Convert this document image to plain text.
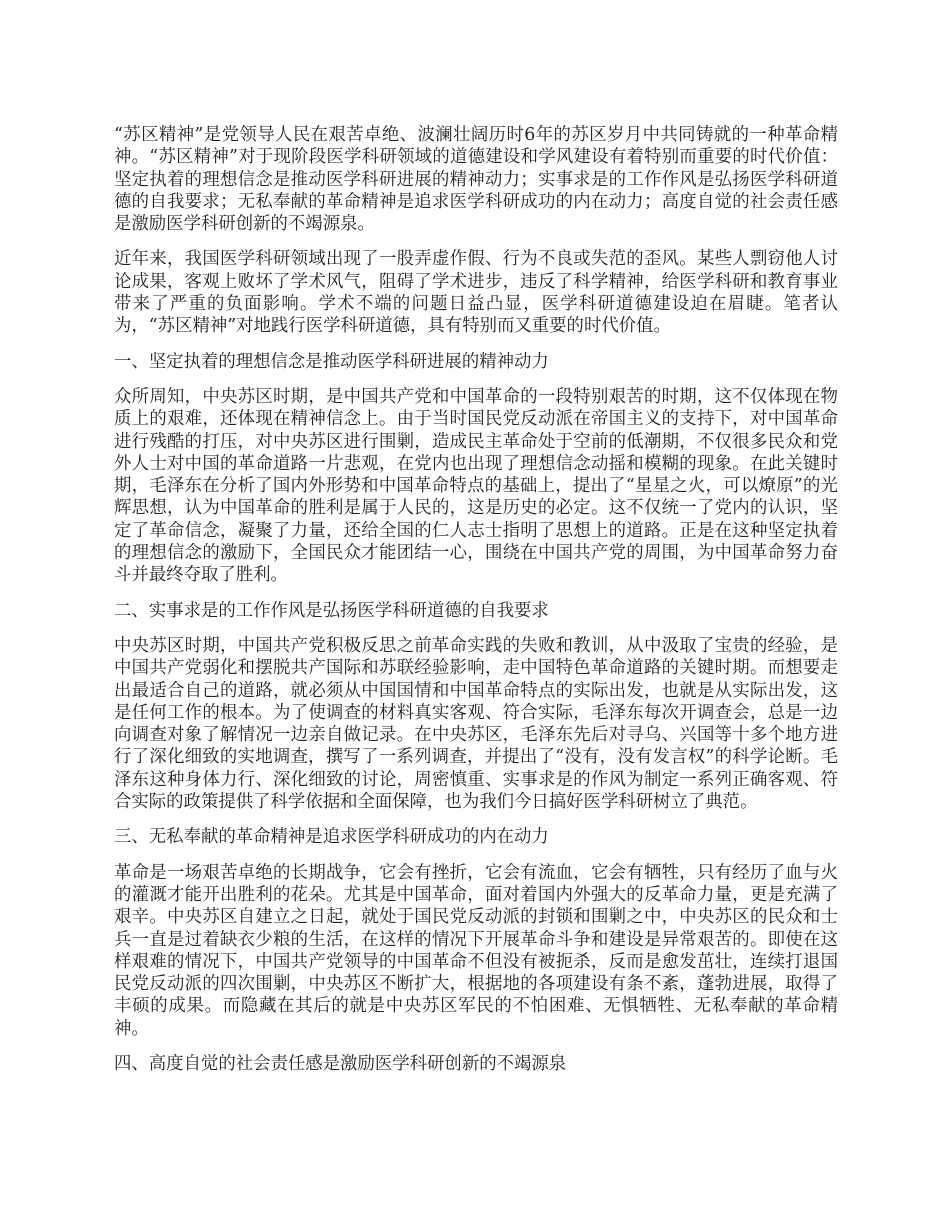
“苏区精神”是党领导人民在艰苦卓绝、波澜壮阔历时6年的苏区岁月中共同铸就的一种革命精神。“苏区精神”对于现阶段医学科研领域的道德建设和学风建设有着特别而重要的时代价值：坚定执着的理想信念是推动医学科研进展的精神动力；实事求是的工作作风是弘扬医学科研道德的自我要求；无私奉献的革命精神是追求医学科研成功的内在动力；高度自觉的社会责任感是激励医学科研创新的不竭源泉。

近年来，我国医学科研领域出现了一股弄虚作假、行为不良或失范的歪风。某些人剽窃他人讨论成果，客观上败坏了学术风气，阻碍了学术进步，违反了科学精神，给医学科研和教育事业带来了严重的负面影响。学术不端的问题日益凸显，医学科研道德建设迫在眉睫。笔者认为，“苏区精神”对地践行医学科研道德，具有特别而又重要的时代价值。

一、坚定执着的理想信念是推动医学科研进展的精神动力

众所周知，中央苏区时期，是中国共产党和中国革命的一段特别艰苦的时期，这不仅体现在物质上的艰难，还体现在精神信念上。由于当时国民党反动派在帝国主义的支持下，对中国革命进行残酷的打压，对中央苏区进行围剿，造成民主革命处于空前的低潮期，不仅很多民众和党外人士对中国的革命道路一片悲观，在党内也出现了理想信念动摇和模糊的现象。在此关键时期，毛泽东在分析了国内外形势和中国革命特点的基础上，提出了“星星之火，可以燎原”的光辉思想，认为中国革命的胜利是属于人民的，这是历史的必定。这不仅统一了党内的认识，坚定了革命信念，凝聚了力量，还给全国的仁人志士指明了思想上的道路。正是在这种坚定执着的理想信念的激励下，全国民众才能团结一心，围绕在中国共产党的周围，为中国革命努力奋斗并最终夺取了胜利。

二、实事求是的工作作风是弘扬医学科研道德的自我要求

中央苏区时期，中国共产党积极反思之前革命实践的失败和教训，从中汲取了宝贵的经验，是中国共产党弱化和摆脱共产国际和苏联经验影响，走中国特色革命道路的关键时期。而想要走出最适合自己的道路，就必须从中国国情和中国革命特点的实际出发，也就是从实际出发，这是任何工作的根本。为了使调查的材料真实客观、符合实际，毛泽东每次开调查会，总是一边向调查对象了解情况一边亲自做记录。在中央苏区，毛泽东先后对寻乌、兴国等十多个地方进行了深化细致的实地调查，撰写了一系列调查，并提出了“没有，没有发言权”的科学论断。毛泽东这种身体力行、深化细致的讨论，周密慎重、实事求是的作风为制定一系列正确客观、符合实际的政策提供了科学依据和全面保障，也为我们今日搞好医学科研树立了典范。

三、无私奉献的革命精神是追求医学科研成功的内在动力

革命是一场艰苦卓绝的长期战争，它会有挫折，它会有流血，它会有牺牲，只有经历了血与火的灌溉才能开出胜利的花朵。尤其是中国革命，面对着国内外强大的反革命力量，更是充满了艰辛。中央苏区自建立之日起，就处于国民党反动派的封锁和围剿之中，中央苏区的民众和士兵一直是过着缺衣少粮的生活，在这样的情况下开展革命斗争和建设是异常艰苦的。即使在这样艰难的情况下，中国共产党领导的中国革命不但没有被扼杀，反而是愈发茁壮，连续打退国民党反动派的四次围剿，中央苏区不断扩大，根据地的各项建设有条不紊，蓬勃进展，取得了丰硕的成果。而隐藏在其后的就是中央苏区军民的不怕困难、无惧牺牲、无私奉献的革命精神。

四、高度自觉的社会责任感是激励医学科研创新的不竭源泉
